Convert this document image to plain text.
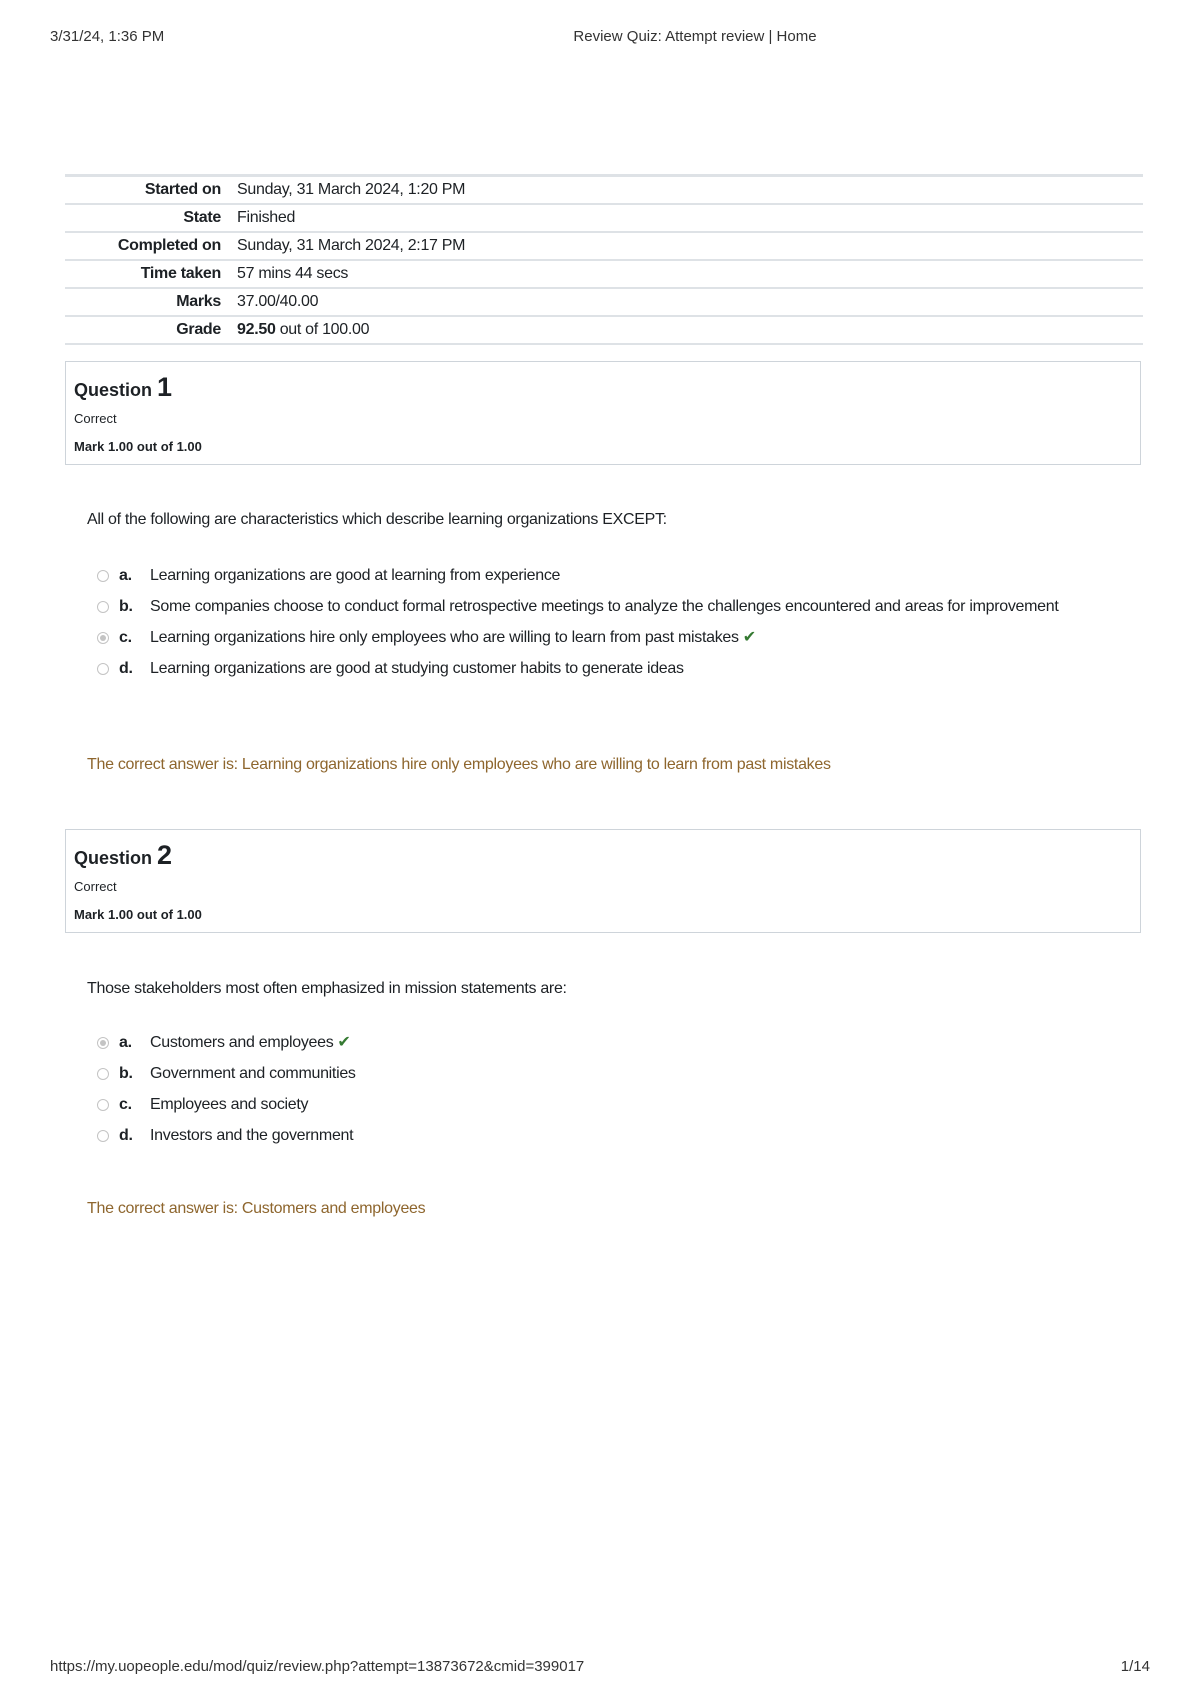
3/31/24, 1:36 PM	Review Quiz: Attempt review | Home
Started on	Sunday, 31 March 2024, 1:20 PM
State	Finished
Completed on	Sunday, 31 March 2024, 2:17 PM
Time taken	57 mins 44 secs
Marks	37.00/40.00
Grade	92.50 out of 100.00
Question 1
Correct
Mark 1.00 out of 1.00
All of the following are characteristics which describe learning organizations EXCEPT:
a. Learning organizations are good at learning from experience
b. Some companies choose to conduct formal retrospective meetings to analyze the challenges encountered and areas for improvement
c. Learning organizations hire only employees who are willing to learn from past mistakes ✔
d. Learning organizations are good at studying customer habits to generate ideas
The correct answer is: Learning organizations hire only employees who are willing to learn from past mistakes
Question 2
Correct
Mark 1.00 out of 1.00
Those stakeholders most often emphasized in mission statements are:
a. Customers and employees ✔
b. Government and communities
c. Employees and society
d. Investors and the government
The correct answer is: Customers and employees
https://my.uopeople.edu/mod/quiz/review.php?attempt=13873672&cmid=399017	1/14
